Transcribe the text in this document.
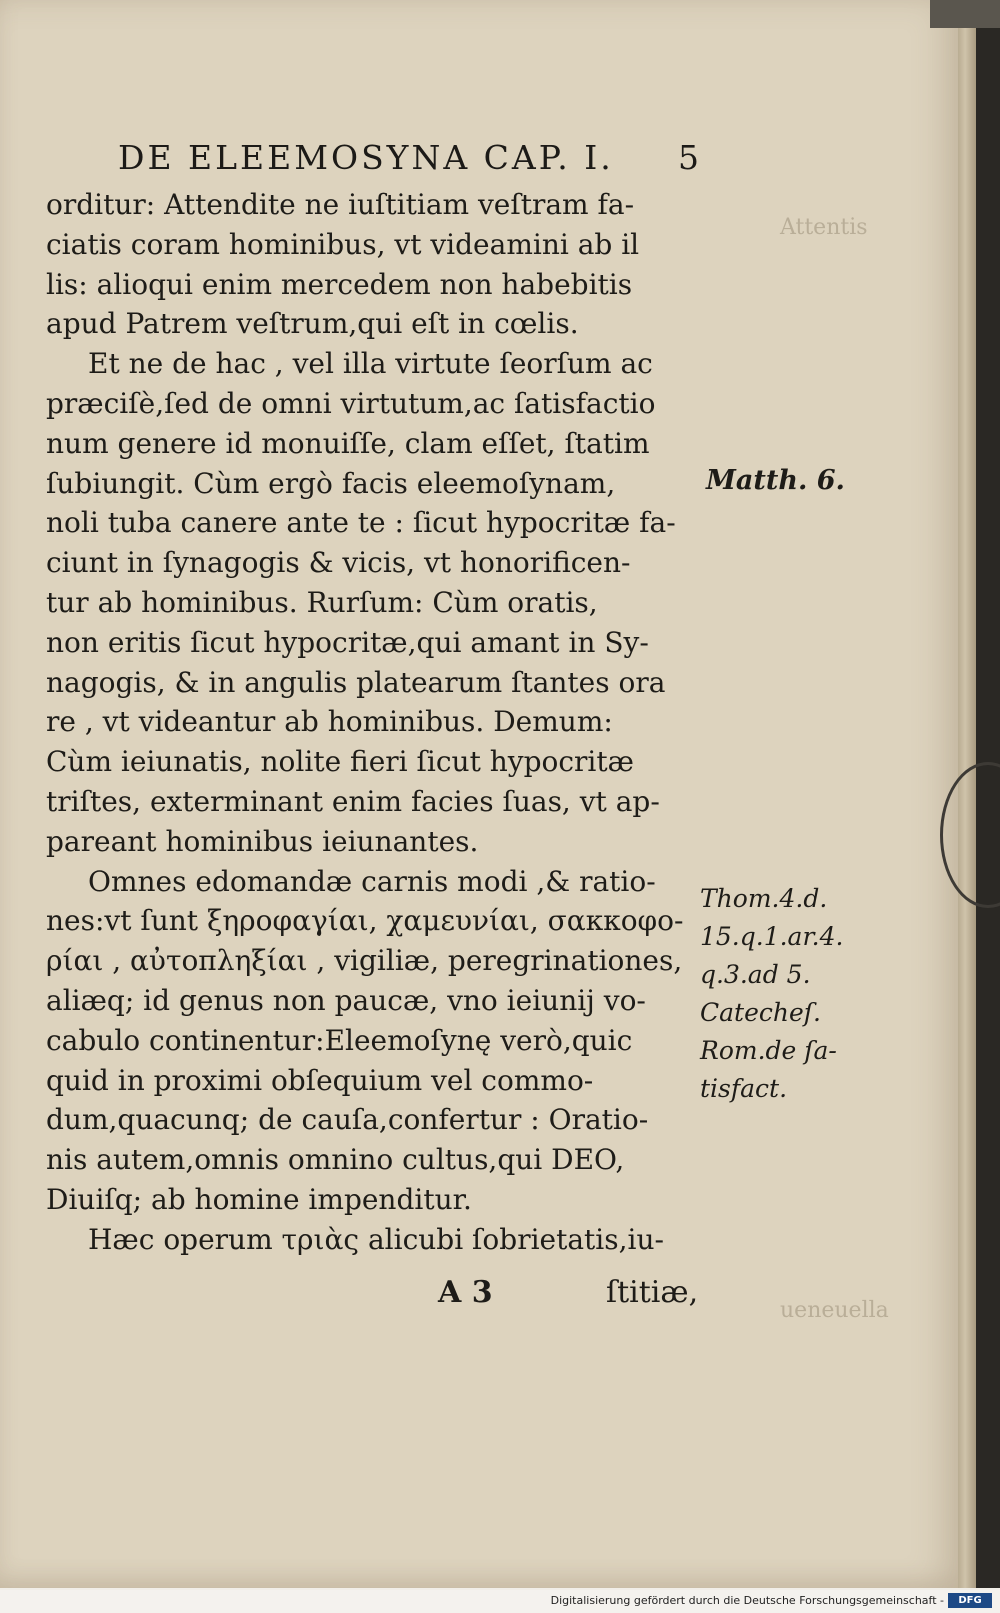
Attentis
ueneuella
DE ELEEMOSYNA CAP. I. 5
orditur: Attendite ne iuſtitiam veſtram fa-
ciatis coram hominibus, vt videamini ab il
lis: alioqui enim mercedem non habebitis
apud Patrem veſtrum,qui eſt in cœlis.
Et ne de hac , vel illa virtute ſeorſum ac
præciſè,ſed de omni virtutum,ac ſatisfactio
num genere id monuiſſe, clam eſſet, ſtatim
ſubiungit. Cùm ergò facis eleemoſynam,
noli tuba canere ante te : ſicut hypocritæ fa-
ciunt in ſynagogis & vicis, vt honorificen-
tur ab hominibus. Rurſum: Cùm oratis,
non eritis ſicut hypocritæ,qui amant in Sy-
nagogis, & in angulis platearum ſtantes ora
re , vt videantur ab hominibus. Demum:
Cùm ieiunatis, nolite fieri ſicut hypocritæ
triſtes, exterminant enim facies ſuas, vt ap-
pareant hominibus ieiunantes.
Omnes edomandæ carnis modi ,& ratio-
nes:vt ſunt ξηροφαγίαι, χαμευνίαι, σακκοφο-
ρίαι , αὐτοπληξίαι , vigiliæ, peregrinationes,
aliæq; id genus non paucæ, vno ieiunij vo-
cabulo continentur:Eleemoſynę verò,quic
quid in proximi obſequium vel commo-
dum,quacunq; de cauſa,confertur : Oratio-
nis autem,omnis omnino cultus,qui DEO,
Diuiſq; ab homine impenditur.
Hæc operum τριὰς alicubi ſobrietatis,iu-
A 3	ſtitiæ,
Matth. 6.
Thom.4.d.
15.q.1.ar.4.
q.3.ad 5.
Catecheſ.
Rom.de ſa-
tisfact.
Digitalisierung gefördert durch die Deutsche Forschungsgemeinschaft -	DFG
